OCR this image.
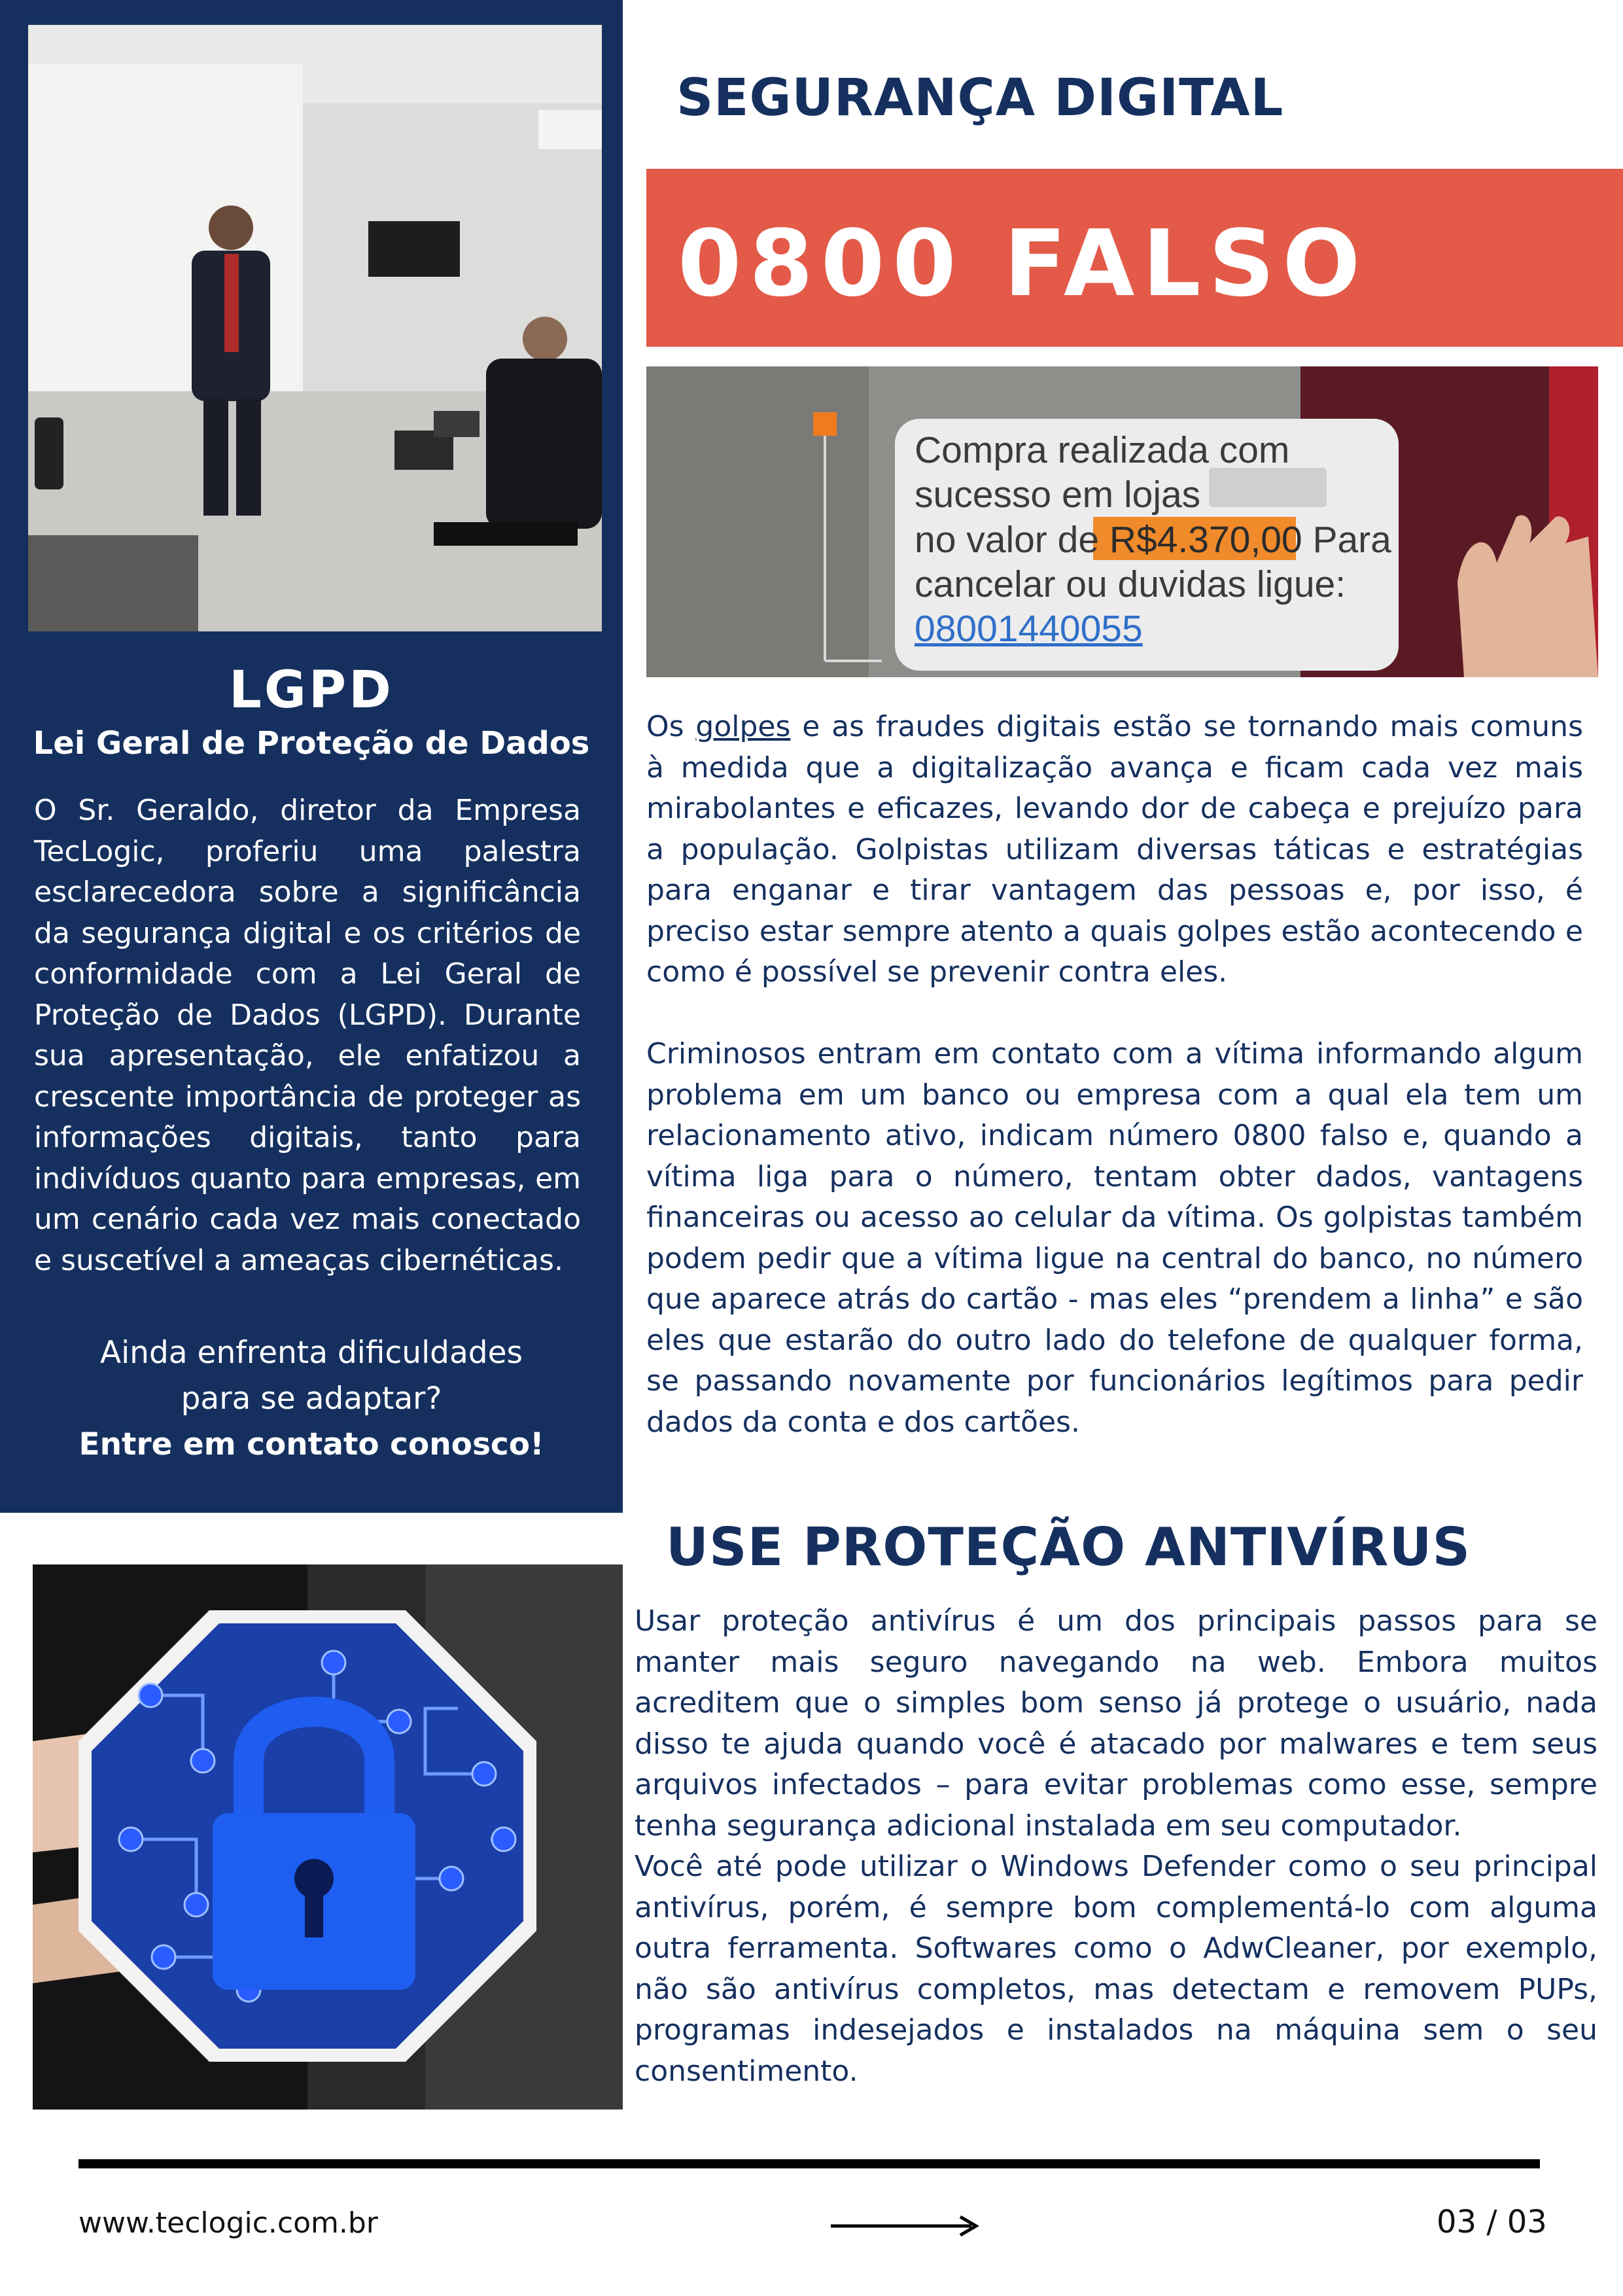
LGPD
Lei Geral de Proteção de Dados
O Sr. Geraldo, diretor da Empresa TecLogic, proferiu uma palestra esclarecedora sobre a significância da segurança digital e os critérios de conformidade com a Lei Geral de Proteção de Dados (LGPD). Durante sua apresentação, ele enfatizou a crescente importância de proteger as informações digitais, tanto para indivíduos quanto para empresas, em um cenário cada vez mais conectado e suscetível a ameaças cibernéticas.
Ainda enfrenta dificuldades
para se adaptar?
Entre em contato conosco!
SEGURANÇA DIGITAL
0800 FALSO
Compra realizada com
sucesso em lojas
no valor de R$4.370,00 Para
cancelar ou duvidas ligue:
08001440055

Os golpes e as fraudes digitais estão se tornando mais comuns à medida que a digitalização avança e ficam cada vez mais mirabolantes e eficazes, levando dor de cabeça e prejuízo para a população. Golpistas utilizam diversas táticas e estratégias para enganar e tirar vantagem das pessoas e, por isso, é preciso estar sempre atento a quais golpes estão acontecendo e como é possível se prevenir contra eles.

Criminosos entram em contato com a vítima informando algum problema em um banco ou empresa com a qual ela tem um relacionamento ativo, indicam número 0800 falso e, quando a vítima liga para o número, tentam obter dados, vantagens financeiras ou acesso ao celular da vítima. Os golpistas também podem pedir que a vítima ligue na central do banco, no número que aparece atrás do cartão - mas eles “prendem a linha” e são eles que estarão do outro lado do telefone de qualquer forma, se passando novamente por funcionários legítimos para pedir dados da conta e dos cartões.

USE PROTEÇÃO ANTIVÍRUS

Usar proteção antivírus é um dos principais passos para se manter mais seguro navegando na web. Embora muitos acreditem que o simples bom senso já protege o usuário, nada disso te ajuda quando você é atacado por malwares e tem seus arquivos infectados – para evitar problemas como esse, sempre tenha segurança adicional instalada em seu computador.

Você até pode utilizar o Windows Defender como o seu principal antivírus, porém, é sempre bom complementá-lo com alguma outra ferramenta. Softwares como o AdwCleaner, por exemplo, não são antivírus completos, mas detectam e removem PUPs, programas indesejados e instalados na máquina sem o seu consentimento.

www.teclogic.com.br	03 / 03
